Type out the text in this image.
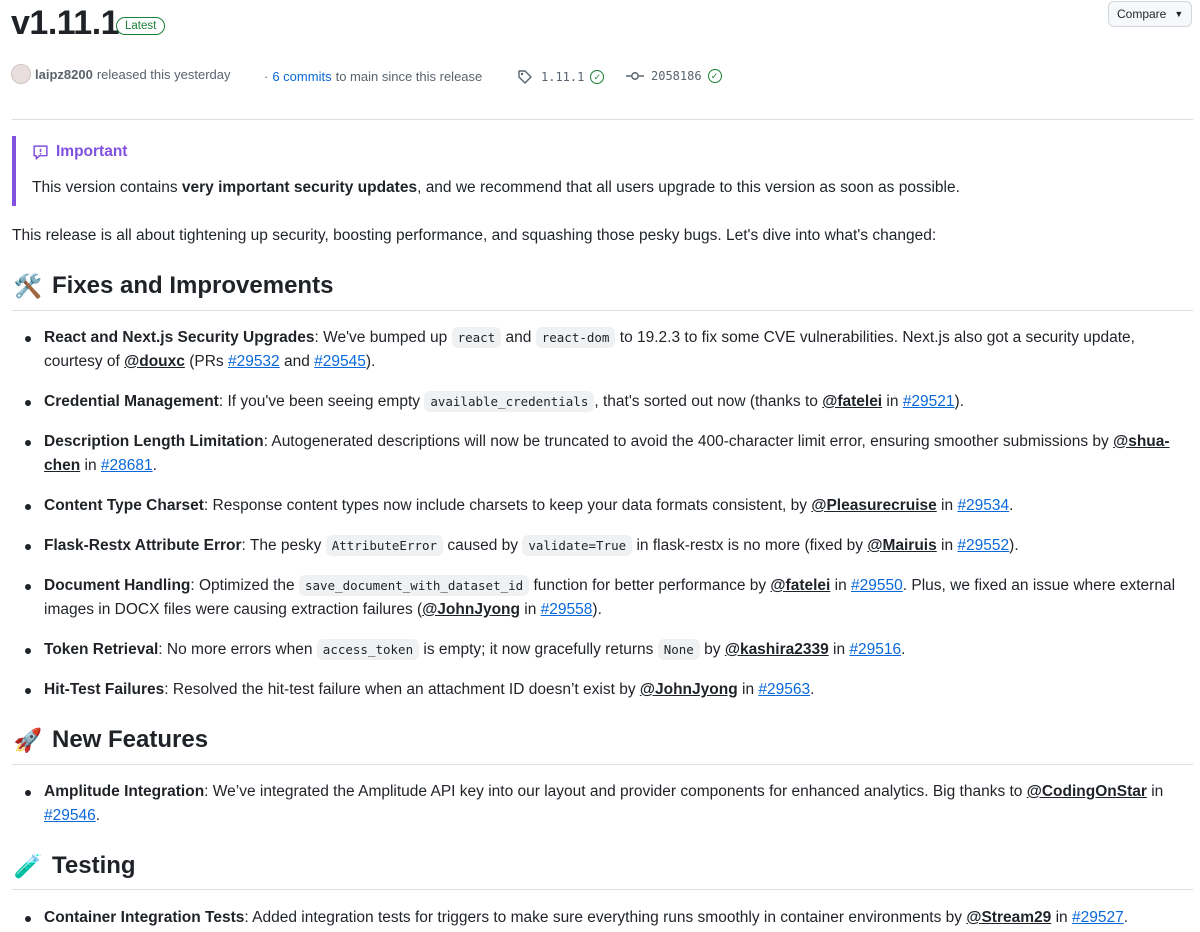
v1.11.1 Latest
Compare ▼
laipz8200 released this yesterday	· 6 commits to main since this release	1.11.1	✓	2058186	✓
Important
This version contains very important security updates, and we recommend that all users upgrade to this version as soon as possible.
This release is all about tightening up security, boosting performance, and squashing those pesky bugs. Let's dive into what's changed:
🛠️ Fixes and Improvements
React and Next.js Security Upgrades: We've bumped up react and react-dom to 19.2.3 to fix some CVE vulnerabilities. Next.js also got a security update, courtesy of @douxc (PRs #29532 and #29545).
Credential Management: If you've been seeing empty available_credentials , that's sorted out now (thanks to @fatelei in #29521).
Description Length Limitation: Autogenerated descriptions will now be truncated to avoid the 400-character limit error, ensuring smoother submissions by @shua-chen in #28681.
Content Type Charset: Response content types now include charsets to keep your data formats consistent, by @Pleasurecruise in #29534.
Flask-Restx Attribute Error: The pesky AttributeError caused by validate=True in flask-restx is no more (fixed by @Mairuis in #29552).
Document Handling: Optimized the save_document_with_dataset_id function for better performance by @fatelei in #29550. Plus, we fixed an issue where external images in DOCX files were causing extraction failures (@JohnJyong in #29558).
Token Retrieval: No more errors when access_token is empty; it now gracefully returns None by @kashira2339 in #29516.
Hit-Test Failures: Resolved the hit-test failure when an attachment ID doesn’t exist by @JohnJyong in #29563.
🚀 New Features
Amplitude Integration: We’ve integrated the Amplitude API key into our layout and provider components for enhanced analytics. Big thanks to @CodingOnStar in #29546.
🧪 Testing
Container Integration Tests: Added integration tests for triggers to make sure everything runs smoothly in container environments by @Stream29 in #29527.
